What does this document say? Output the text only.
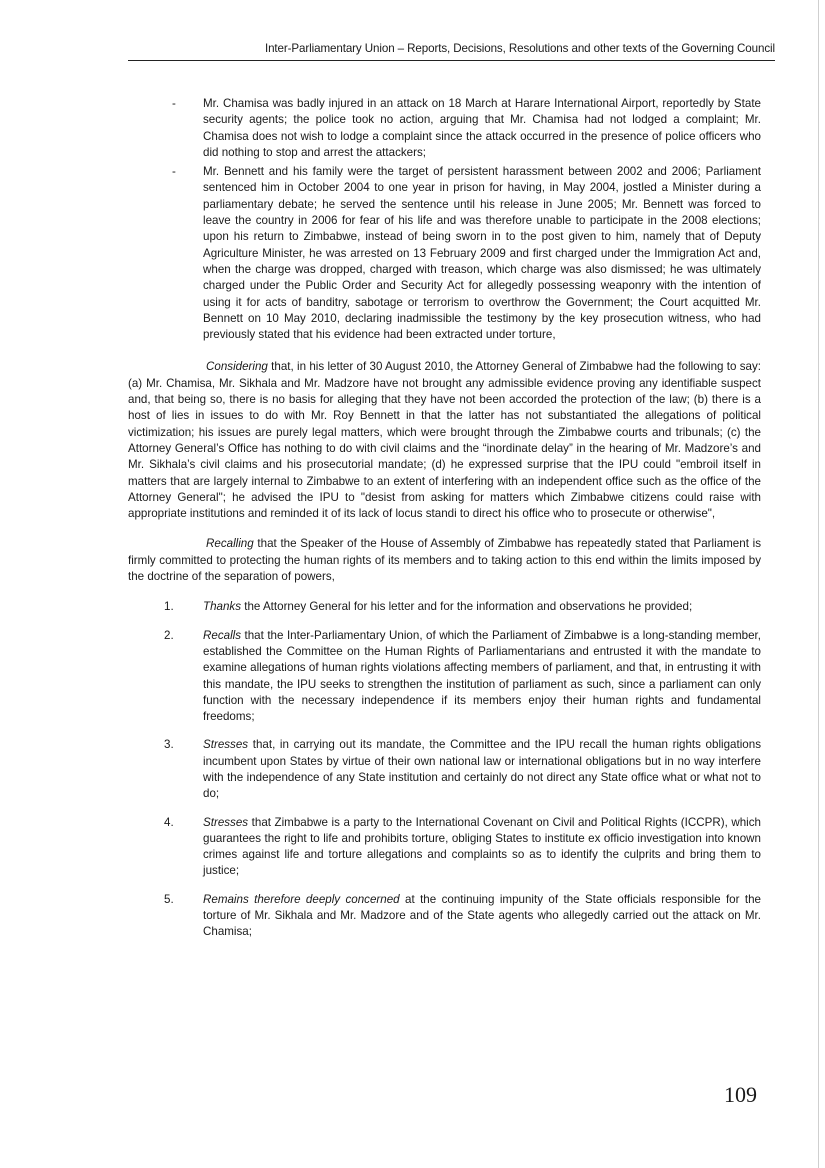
Inter-Parliamentary Union – Reports, Decisions, Resolutions and other texts of the Governing Council

- Mr. Chamisa was badly injured in an attack on 18 March at Harare International Airport, reportedly by State security agents; the police took no action, arguing that Mr. Chamisa had not lodged a complaint; Mr. Chamisa does not wish to lodge a complaint since the attack occurred in the presence of police officers who did nothing to stop and arrest the attackers;

- Mr. Bennett and his family were the target of persistent harassment between 2002 and 2006; Parliament sentenced him in October 2004 to one year in prison for having, in May 2004, jostled a Minister during a parliamentary debate; he served the sentence until his release in June 2005; Mr. Bennett was forced to leave the country in 2006 for fear of his life and was therefore unable to participate in the 2008 elections; upon his return to Zimbabwe, instead of being sworn in to the post given to him, namely that of Deputy Agriculture Minister, he was arrested on 13 February 2009 and first charged under the Immigration Act and, when the charge was dropped, charged with treason, which charge was also dismissed; he was ultimately charged under the Public Order and Security Act for allegedly possessing weaponry with the intention of using it for acts of banditry, sabotage or terrorism to overthrow the Government; the Court acquitted Mr. Bennett on 10 May 2010, declaring inadmissible the testimony by the key prosecution witness, who had previously stated that his evidence had been extracted under torture,

Considering that, in his letter of 30 August 2010, the Attorney General of Zimbabwe had the following to say: (a) Mr. Chamisa, Mr. Sikhala and Mr. Madzore have not brought any admissible evidence proving any identifiable suspect and, that being so, there is no basis for alleging that they have not been accorded the protection of the law; (b) there is a host of lies in issues to do with Mr. Roy Bennett in that the latter has not substantiated the allegations of political victimization; his issues are purely legal matters, which were brought through the Zimbabwe courts and tribunals; (c) the Attorney General’s Office has nothing to do with civil claims and the “inordinate delay” in the hearing of Mr. Madzore’s and Mr. Sikhala’s civil claims and his prosecutorial mandate; (d) he expressed surprise that the IPU could "embroil itself in matters that are largely internal to Zimbabwe to an extent of interfering with an independent office such as the office of the Attorney General"; he advised the IPU to "desist from asking for matters which Zimbabwe citizens could raise with appropriate institutions and reminded it of its lack of locus standi to direct his office who to prosecute or otherwise",

Recalling that the Speaker of the House of Assembly of Zimbabwe has repeatedly stated that Parliament is firmly committed to protecting the human rights of its members and to taking action to this end within the limits imposed by the doctrine of the separation of powers,

1.	Thanks the Attorney General for his letter and for the information and observations he provided;

2.	Recalls that the Inter-Parliamentary Union, of which the Parliament of Zimbabwe is a long-standing member, established the Committee on the Human Rights of Parliamentarians and entrusted it with the mandate to examine allegations of human rights violations affecting members of parliament, and that, in entrusting it with this mandate, the IPU seeks to strengthen the institution of parliament as such, since a parliament can only function with the necessary independence if its members enjoy their human rights and fundamental freedoms;

3.	Stresses that, in carrying out its mandate, the Committee and the IPU recall the human rights obligations incumbent upon States by virtue of their own national law or international obligations but in no way interfere with the independence of any State institution and certainly do not direct any State office what or what not to do;

4.	Stresses that Zimbabwe is a party to the International Covenant on Civil and Political Rights (ICCPR), which guarantees the right to life and prohibits torture, obliging States to institute ex officio investigation into known crimes against life and torture allegations and complaints so as to identify the culprits and bring them to justice;

5.	Remains therefore deeply concerned at the continuing impunity of the State officials responsible for the torture of Mr. Sikhala and Mr. Madzore and of the State agents who allegedly carried out the attack on Mr. Chamisa;

109
